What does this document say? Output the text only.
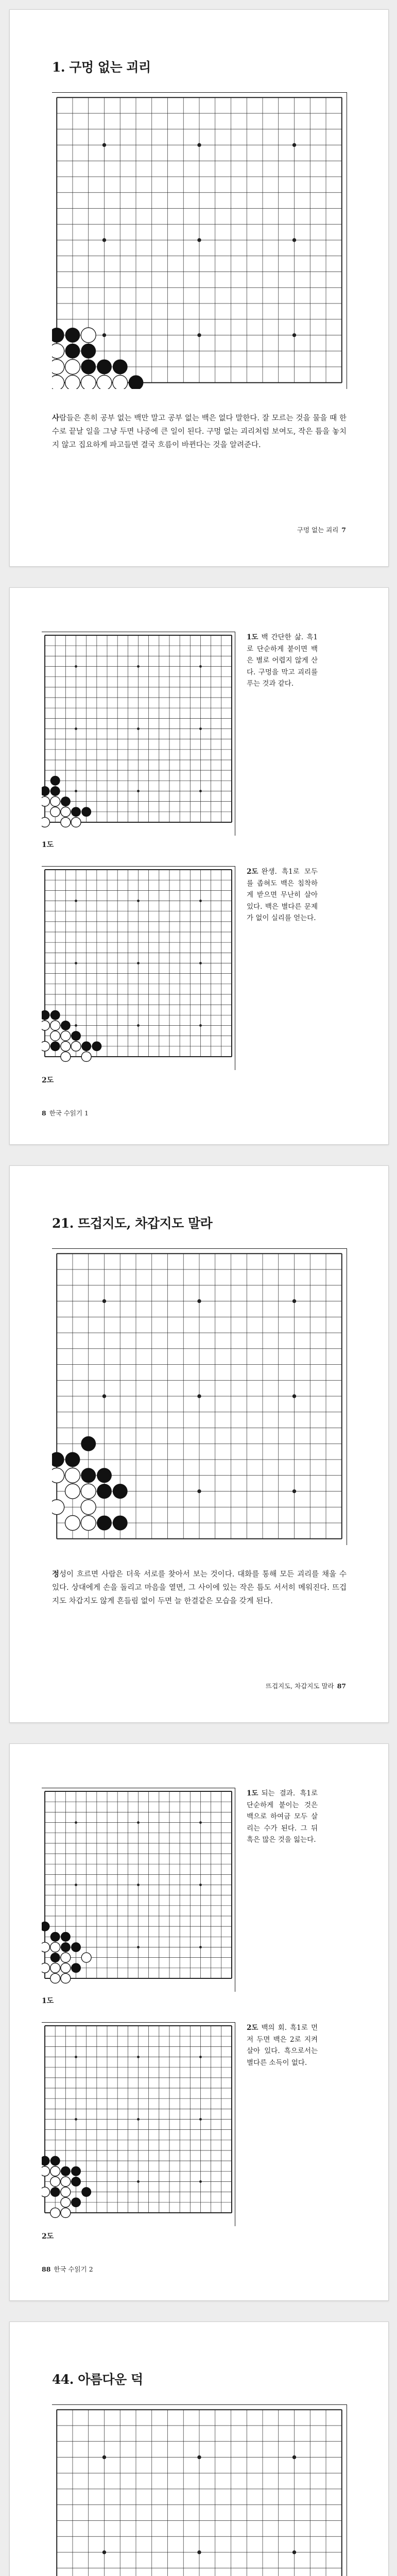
1. 구멍 없는 괴리
사람들은 흔히 공부 없는 백만 말고 공부 없는 백은 없다 말한다. 잘 모르는 것을 물을 때 한 수로 끝날 일을 그냥 두면 나중에 큰 일이 된다. 구멍 없는 괴리처럼 보여도, 작은 틈을 놓치지 않고 집요하게 파고들면 결국 흐름이 바뀐다는 것을 알려준다.
구멍 없는 괴리 7
1도
1도 백 간단한 삶. 흑1로 단순하게 붙이면 백은 별로 어렵지 않게 산다. 구멍을 막고 괴리를 푸는 것과 같다.
2도
2도 완생. 흑1로 모두를 좁혀도 백은 침착하게 받으면 무난히 살아 있다. 백은 별다른 문제가 없이 실리를 얻는다.
8 한국 수읽기 1
21. 뜨겁지도, 차갑지도 말라
정성이 흐르면 사람은 더욱 서로를 찾아서 보는 것이다. 대화를 통해 모든 괴리를 채울 수 있다. 상대에게 손을 돌리고 마음을 열면, 그 사이에 있는 작은 틈도 서서히 메워진다. 뜨겁지도 차갑지도 않게 흔들림 없이 두면 늘 한결같은 모습을 갖게 된다.
뜨겁지도, 차갑지도 말라 87
1도
1도 되는 결과. 흑1로 단순하게 붙이는 것은 백으로 하여금 모두 살리는 수가 된다. 그 뒤 흑은 많은 것을 잃는다.
2도
2도 백의 회. 흑1로 먼저 두면 백은 2로 지켜 살아 있다. 흑으로서는 별다른 소득이 없다.
88 한국 수읽기 2
44. 아름다운 덕
